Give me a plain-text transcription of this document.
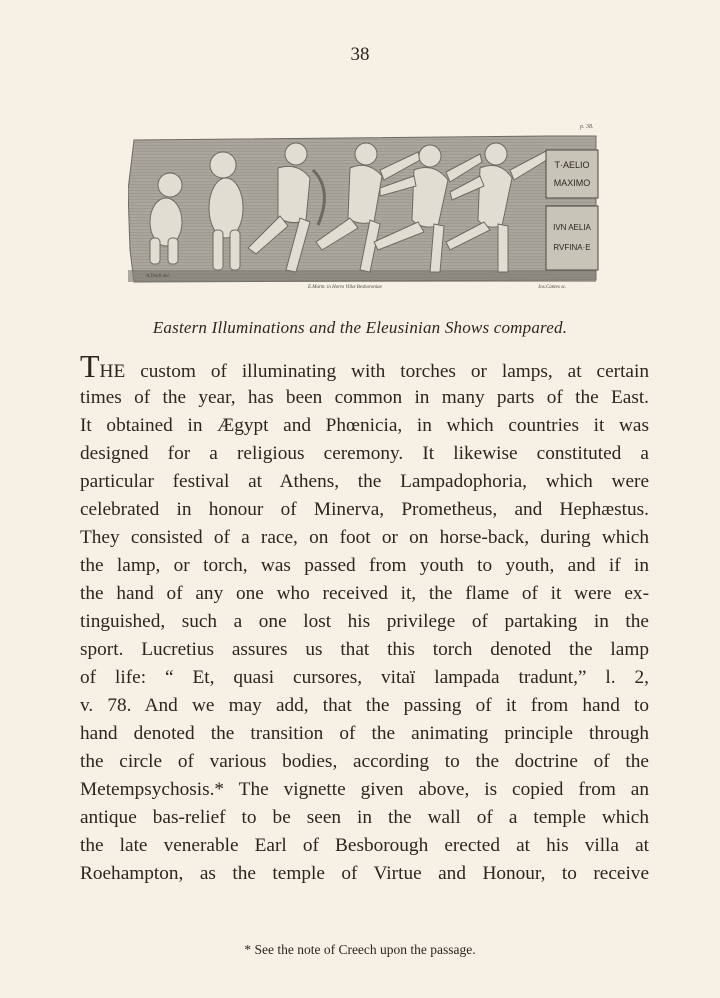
38
p. 38.
T·AELIO
MAXIMO
IVN AELIA
RVFINA·E
A.Tendi del.
E.Marm. in Horto Villæ Besboroniae	Jos.Cantes sc.
Eastern Illuminations and the Eleusinian Shows compared.
THE custom of illuminating with torches or lamps, at certain
times of the year, has been common in many parts of the East.
It obtained in Ægypt and Phœnicia, in which countries it was
designed for a religious ceremony. It likewise constituted a
particular festival at Athens, the Lampadophoria, which were
celebrated in honour of Minerva, Prometheus, and Hephæstus.
They consisted of a race, on foot or on horse-back, during which
the lamp, or torch, was passed from youth to youth, and if in
the hand of any one who received it, the flame of it were ex-
tinguished, such a one lost his privilege of partaking in the
sport. Lucretius assures us that this torch denoted the lamp
of life: “ Et, quasi cursores, vitaï lampada tradunt,” l. 2,
v. 78. And we may add, that the passing of it from hand to
hand denoted the transition of the animating principle through
the circle of various bodies, according to the doctrine of the
Metempsychosis.* The vignette given above, is copied from an
antique bas-relief to be seen in the wall of a temple which
the late venerable Earl of Besborough erected at his villa at
Roehampton, as the temple of Virtue and Honour, to receive
* See the note of Creech upon the passage.
